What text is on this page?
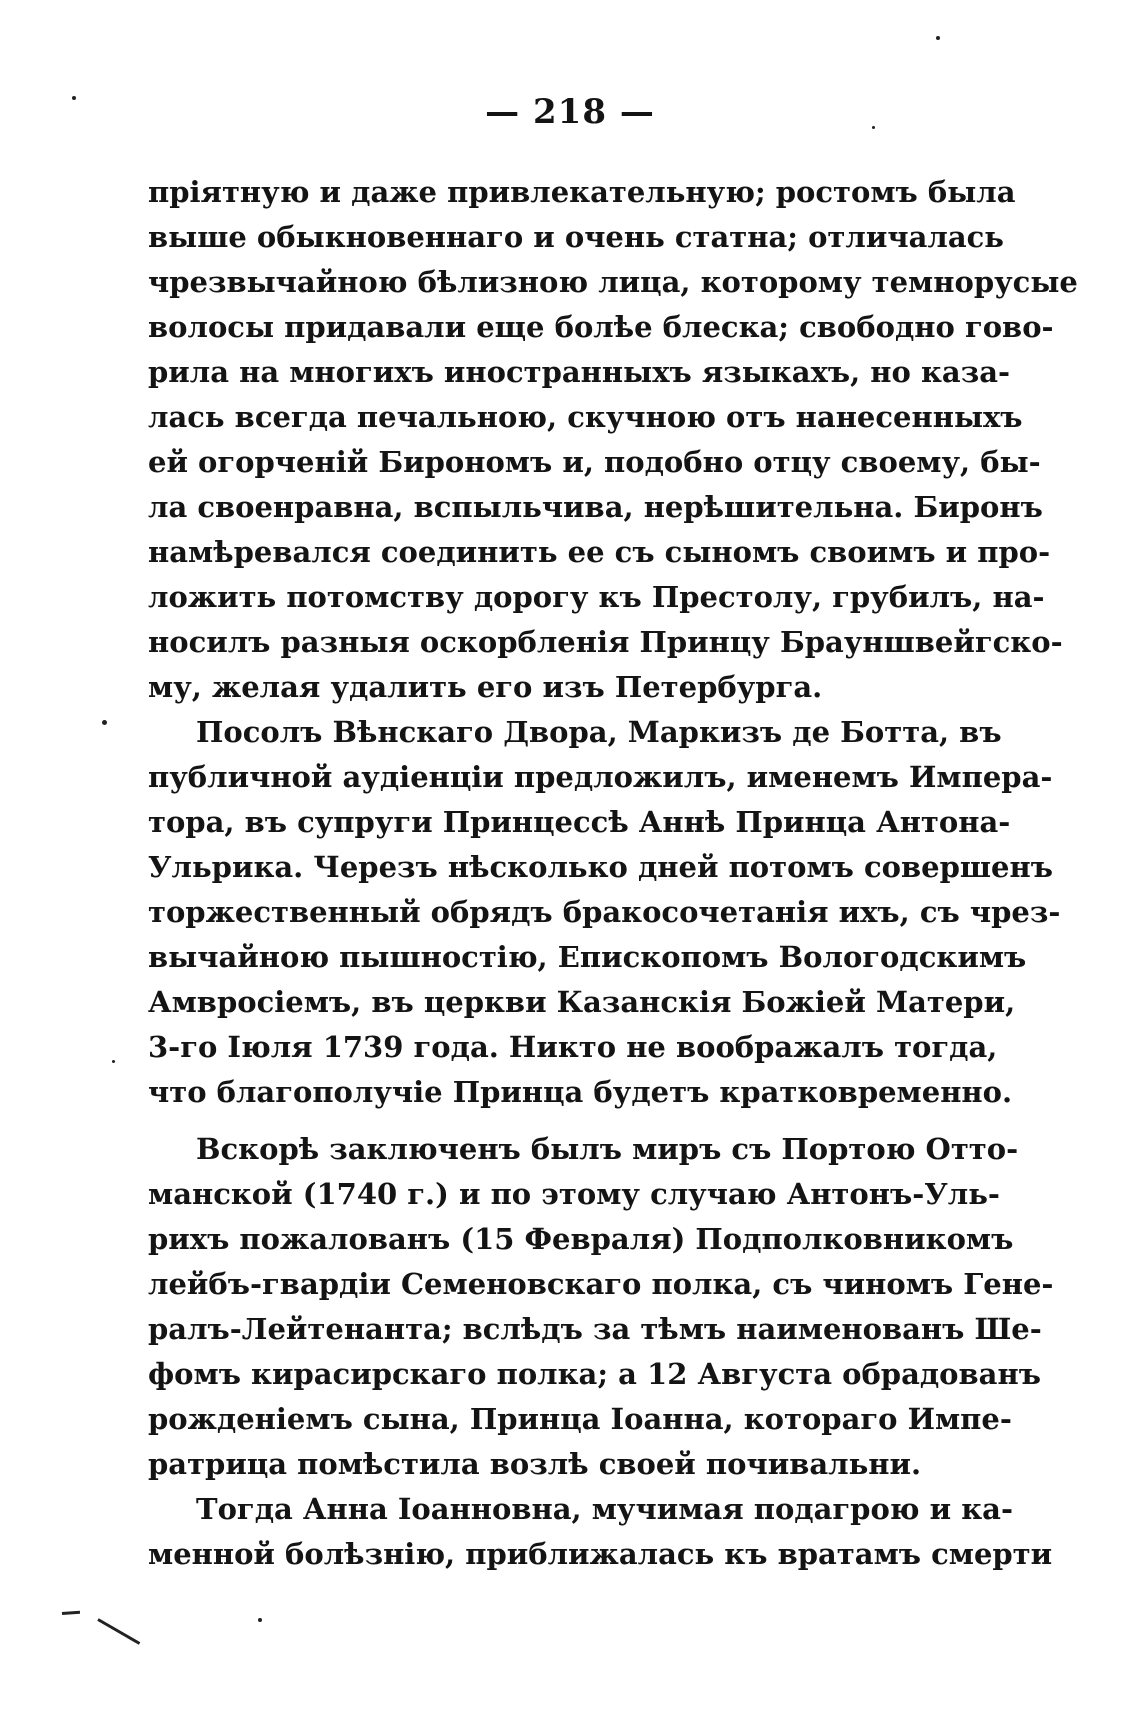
— 218 —
пріятную и даже привлекательную; ростомъ была
выше обыкновеннаго и очень статна; отличалась
чрезвычайною бѣлизною лица, которому темнорусые
волосы придавали еще болѣе блеска; свободно гово-
рила на многихъ иностранныхъ языкахъ, но каза-
лась всегда печальною, скучною отъ нанесенныхъ
ей огорченій Бирономъ и, подобно отцу своему, бы-
ла своенравна, вспыльчива, нерѣшительна. Биронъ
намѣревался соединить ее съ сыномъ своимъ и про-
ложить потомству дорогу къ Престолу, грубилъ, на-
носилъ разныя оскорбленія Принцу Брауншвейгско-
му, желая удалить его изъ Петербурга.
Посолъ Вѣнскаго Двора, Маркизъ де Ботта, въ
публичной аудіенціи предложилъ, именемъ Импера-
тора, въ супруги Принцессѣ Аннѣ Принца Антона-
Ульрика. Черезъ нѣсколько дней потомъ совершенъ
торжественный обрядъ бракосочетанія ихъ, съ чрез-
вычайною пышностію, Епископомъ Вологодскимъ
Амвросіемъ, въ церкви Казанскія Божіей Матери,
3-го Іюля 1739 года. Никто не воображалъ тогда,
что благополучіе Принца будетъ кратковременно.
Вскорѣ заключенъ былъ миръ съ Портою Отто-
манской (1740 г.) и по этому случаю Антонъ-Уль-
рихъ пожалованъ (15 Февраля) Подполковникомъ
лейбъ-гвардіи Семеновскаго полка, съ чиномъ Гене-
ралъ-Лейтенанта; вслѣдъ за тѣмъ наименованъ Ше-
фомъ кирасирскаго полка; а 12 Августа обрадованъ
рожденіемъ сына, Принца Іоанна, котораго Импе-
ратрица помѣстила возлѣ своей почивальни.
Тогда Анна Іоанновна, мучимая подагрою и ка-
менной болѣзнію, приближалась къ вратамъ смерти
